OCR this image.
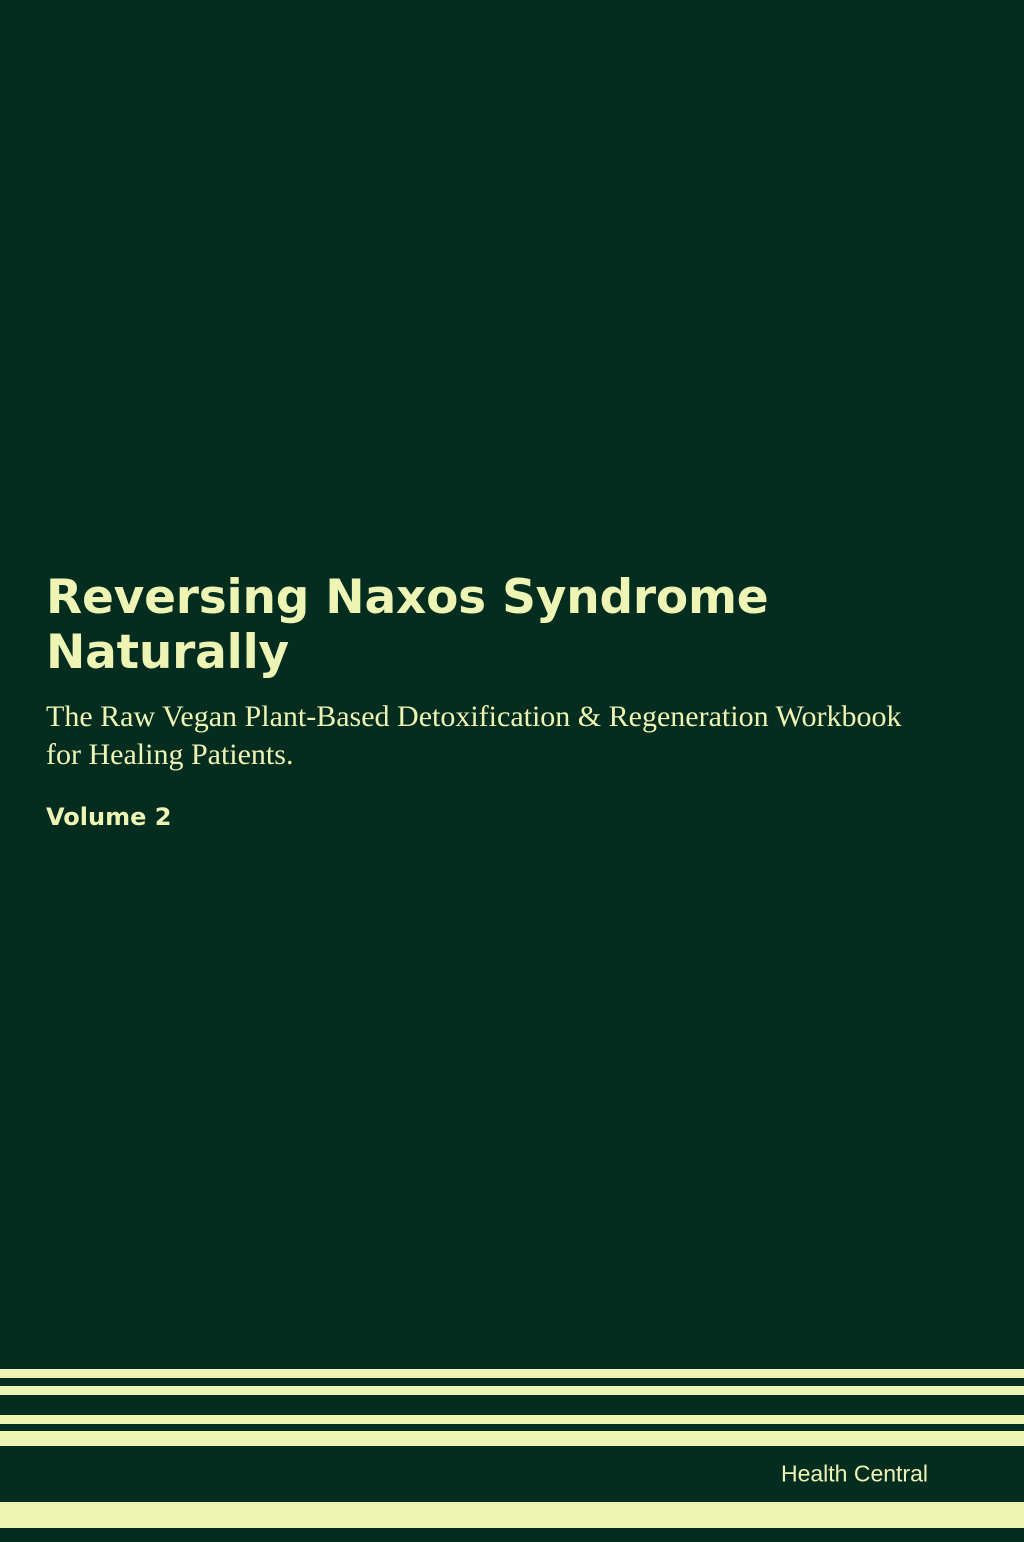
Reversing Naxos Syndrome Naturally

The Raw Vegan Plant-Based Detoxification & Regeneration Workbook for Healing Patients.

Volume 2

Health Central
